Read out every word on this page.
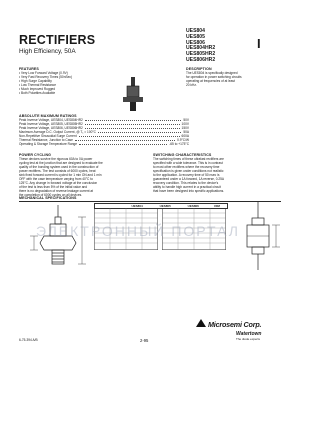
RECTIFIERS
High Efficiency, 50A
UES804
UES805
UES806
UES804HR2
UES805HR2
UES806HR2
I
FEATURES
• Very Low Forward Voltage (0.9V)
• Very Fast Recovery Times (50nSec)
• High Surge Capability
• Low Thermal Resistance
• Much Improved Rugged
• Both Polarities Available
DESCRIPTION
The UES804 is specifically designed
for operation in power switching circuits
operating at frequencies of at least
20 kHz.
ABSOLUTE MAXIMUM RATINGS
Peak Inverse Voltage, UES804, UES804HR2	50V
Peak Inverse Voltage, UES805, UES805HR2	100V
Peak Inverse Voltage, UES806, UES806HR2	150V
Maximum Average D.C. Output Current, @ T₁ = 100°C	50A
Non-Repetitive Sinusoidal Surge Current	600A
Thermal Resistance, Junction to Case	0.9°C/W
Operating & Storage Temperature Range	-65 to +175°C
POWER CYCLING
These devices survive the rigorous 60A to 0A power
cycling test at the junction that are designed to evaluate the
quality of the bonding system used in the construction of
power rectifiers. The test consists of 6000 cycles, heat
sink fixed forward current is cycled for 1 min ON and 1 min
OFF with the case temperature varying from 40°C to
125°C. Any change in forward voltage at the conclusion
of the test is less than 5% of the initial value and
there is no degradation of reverse leakage current at
the completion of 6000 cycles on all devices.
SWITCHING CHARACTERISTICS
The switching times of these ultrafast rectifiers are
specified with a wide tolerance. This is in contrast
to most other rectifiers where the recovery time
specification is given under conditions not realistic
to the application. A recovery time of 50 nsec is
guaranteed under a 1A forward, 1A reverse, 0.25A
recovery condition. This relates to the device's
ability to handle high current in a practical circuit
that have been designed into specific applications.
MECHANICAL SPECIFICATIONS
UES804	UES805	UES806	DIM
ЭЛЕКТРОННЫЙ ПОРТАЛ
2-95
6-75-394 A/B
Microsemi Corp.
Watertown
The diode experts
